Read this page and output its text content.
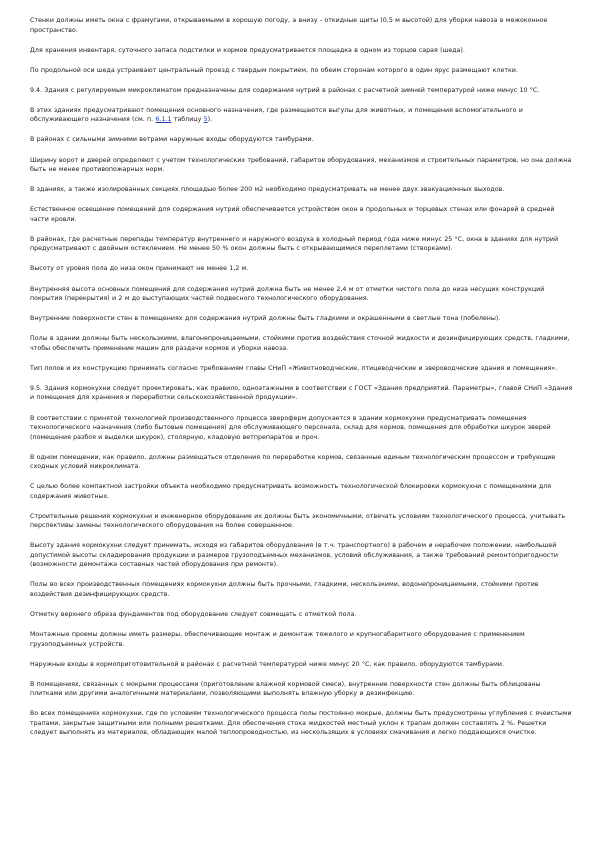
Стенки должны иметь окна с фрамугами, открываемыми в хорошую погоду, а внизу - откидные щиты (0,5 м высотой) для уборки навоза в межоконное пространство.

Для хранения инвентаря, суточного запаса подстилки и кормов предусматривается площадка в одном из торцов сарая (шеда).

По продольной оси шеда устраивают центральный проезд с твердым покрытием, по обеим сторонам которого в один ярус размещают клетки.

9.4. Здания с регулируемым микроклиматом предназначены для содержания нутрий в районах с расчетной зимней температурой ниже минус 10 °С.

В этих зданиях предусматривают помещения основного назначения, где размещаются выгулы для животных, и помещения вспомогательного и обслуживающего назначения (см. п. 6.1.1 таблицу 5).

В районах с сильными зимними ветрами наружные входы оборудуются тамбурами.

Ширину ворот и дверей определяют с учетом технологических требований, габаритов оборудования, механизмов и строительных параметров, но она должна быть не менее противопожарных норм.

В зданиях, а также изолированных секциях площадью более 200 м2 необходимо предусматривать не менее двух эвакуационных выходов.

Естественное освещение помещений для содержания нутрий обеспечивается устройством окон в продольных и торцевых стенах или фонарей в средней части кровли.

В районах, где расчетные перепады температур внутреннего и наружного воздуха в холодный период года ниже минус 25 °С, окна в зданиях для нутрий предусматривают с двойным остеклением. Не менее 50 % окон должны быть с открывающимися переплетами (створками).

Высоту от уровня пола до низа окон принимают не менее 1,2 м.

Внутренняя высота основных помещений для содержания нутрий должна быть не менее 2,4 м от отметки чистого пола до низа несущих конструкций покрытия (перекрытия) и 2 м до выступающих частей подвесного технологического оборудования.

Внутренние поверхности стен в помещениях для содержания нутрий должны быть гладкими и окрашенными в светлые тона (побелены).

Полы в здании должны быть нескользкими, влагонепроницаемыми, стойкими против воздействия сточной жидкости и дезинфицирующих средств, гладкими, чтобы обеспечить применение машин для раздачи кормов и уборки навоза.

Тип полов и их конструкцию принимать согласно требованиям главы СНиП «Животноводческие, птицеводческие и звероводческие здания и помещения».

9.5. Здания кормокухни следует проектировать, как правило, одноэтажными в соответствии с ГОСТ «Здания предприятий. Параметры», главой СНиП «Здания и помещения для хранения и переработки сельскохозяйственной продукции».

В соответствии с принятой технологией производственного процесса звероферм допускается в здании кормокухни предусматривать помещения технологического назначения (либо бытовые помещения) для обслуживающего персонала, склад для кормов, помещения для обработки шкурок зверей (помещения разбоя и выделки шкурок), столярную, кладовую ветпрепаратов и проч.

В одном помещении, как правило, должны размещаться отделения по переработке кормов, связанные единым технологическим процессом и требующие сходных условий микроклимата.

С целью более компактной застройки объекта необходимо предусматривать возможность технологической блокировки кормокухни с помещениями для содержания животных.

Строительные решения кормокухни и инженерное оборудование их должны быть экономичными, отвечать условиям технологического процесса, учитывать перспективы замены технологического оборудования на более совершенное.

Высоту здания кормокухни следует принимать, исходя из габаритов оборудования (в т.ч. транспортного) в рабочем и нерабочем положении, наибольшей допустимой высоты складирования продукции и размеров грузоподъемных механизмов, условий обслуживания, а также требований ремонтопригодности (возможности демонтажа составных частей оборудования при ремонте).

Полы во всех производственных помещениях кормокухни должны быть прочными, гладкими, нескользкими, водонепроницаемыми, стойкими против воздействия дезинфицирующих средств.

Отметку верхнего обреза фундаментов под оборудование следует совмещать с отметкой пола.

Монтажные проемы должны иметь размеры, обеспечивающие монтаж и демонтаж тяжелого и крупногабаритного оборудования с применением грузоподъемных устройств.

Наружные входы в кормоприготовительной в районах с расчетной температурой ниже минус 20 °С, как правило, оборудуются тамбурами.

В помещениях, связанных с мокрыми процессами (приготовление влажной кормовой смеси), внутренние поверхности стен должны быть облицованы плитками или другими аналогичными материалами, позволяющими выполнять влажную уборку и дезинфекцию.

Во всех помещениях кормокухни, где по условиям технологического процесса полы постоянно мокрые, должны быть предусмотрены углубления с ячеистыми трапами, закрытые защитными или полными решетками. Для обеспечения стока жидкостей местный уклон к трапам должен составлять 2 %. Решетки следует выполнять из материалов, обладающих малой теплопроводностью, из нескользящих в условиях смачивания и легко поддающихся очистке.
